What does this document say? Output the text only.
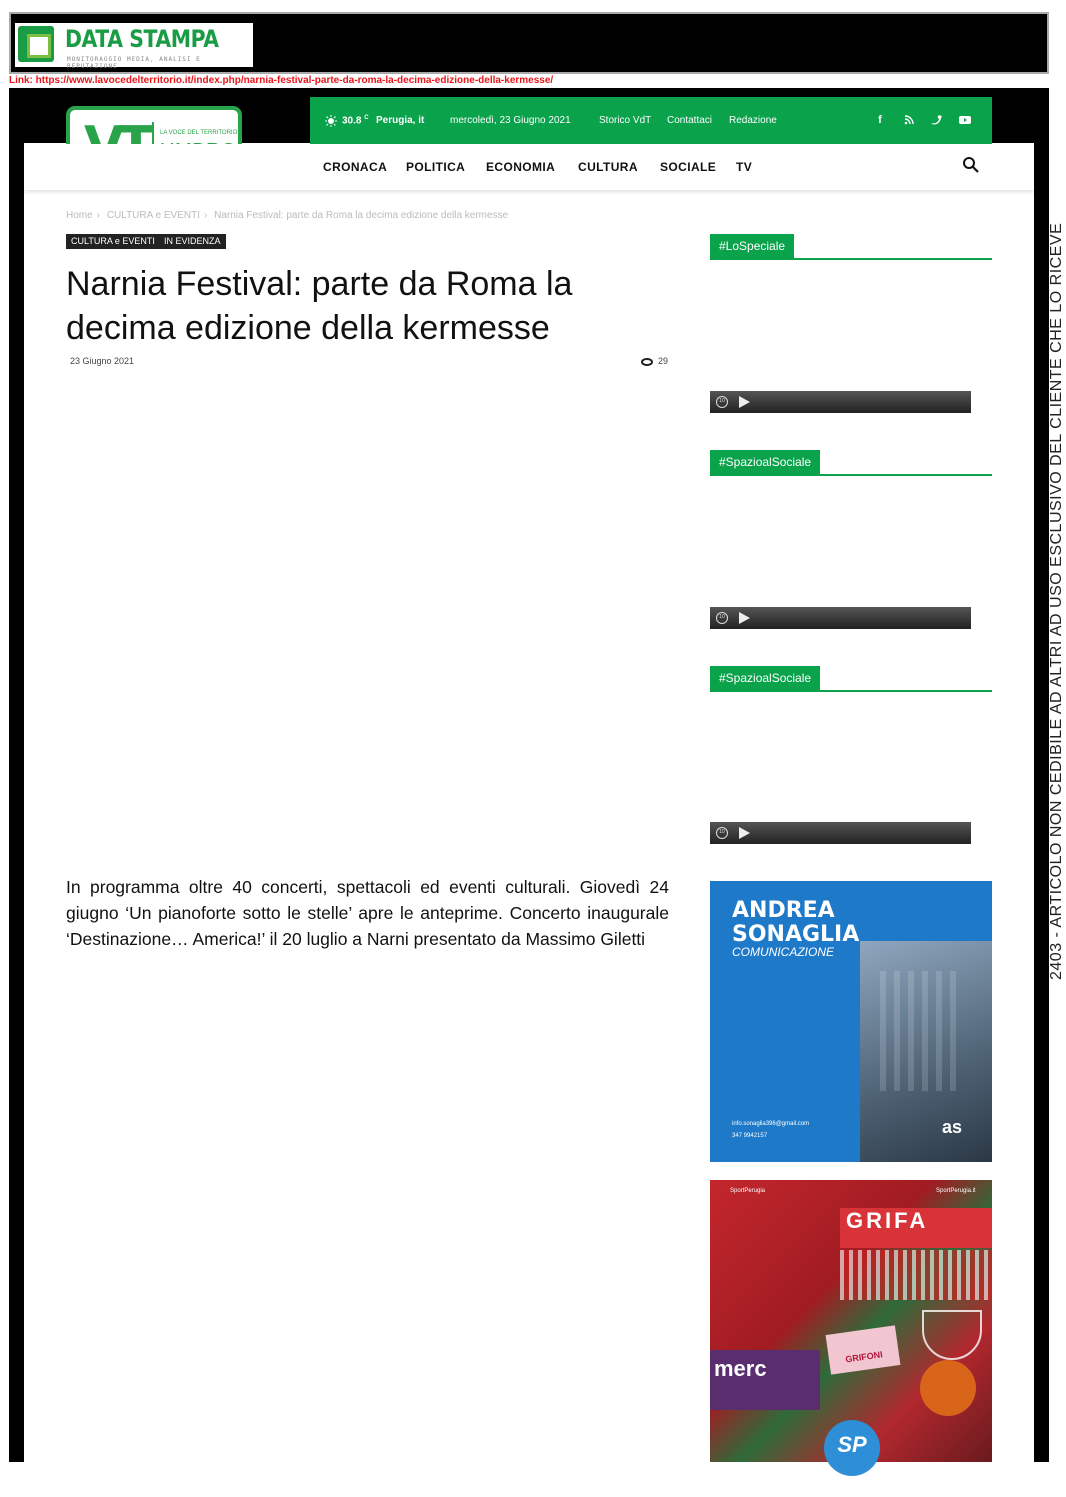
DATA STAMPA
MONITORAGGIO MEDIA, ANALISI E REPUTAZIONE
Link: https://www.lavocedelterritorio.it/index.php/narnia-festival-parte-da-roma-la-decima-edizione-della-kermesse/
LA VOCE DEL TERRITORIO
30.8 $^C$ Perugia, it	mercoledì, 23 Giugno 2021	Storico VdT Contattaci Redazione	f
CRONACA POLITICA ECONOMIA CULTURA SOCIALE TV
Home › CULTURA e EVENTI › Narnia Festival: parte da Roma la decima edizione della kermesse
CULTURA e EVENTI	IN EVIDENZA
Narnia Festival: parte da Roma la decima edizione della kermesse
23 Giugno 2021	29

In programma oltre 40 concerti, spettacoli ed eventi culturali. Giovedì 24 giugno ‘Un pianoforte sotto le stelle’ apre le anteprime. Concerto inaugurale ‘Destinazione… America!’ il 20 luglio a Narni presentato da Massimo Giletti

#LoSpeciale
10
#SpazioalSociale
10
#SpazioalSociale
10
ANDREA
SONAGLIA
COMUNICAZIONE
info.sonaglia396@gmail.com
347 9942157	as
SportPerugia	SportPerugia.it
GRIFA
merc	GRIFONI
SP
2403 - ARTICOLO NON CEDIBILE AD ALTRI AD USO ESCLUSIVO DEL CLIENTE CHE LO RICEVE
